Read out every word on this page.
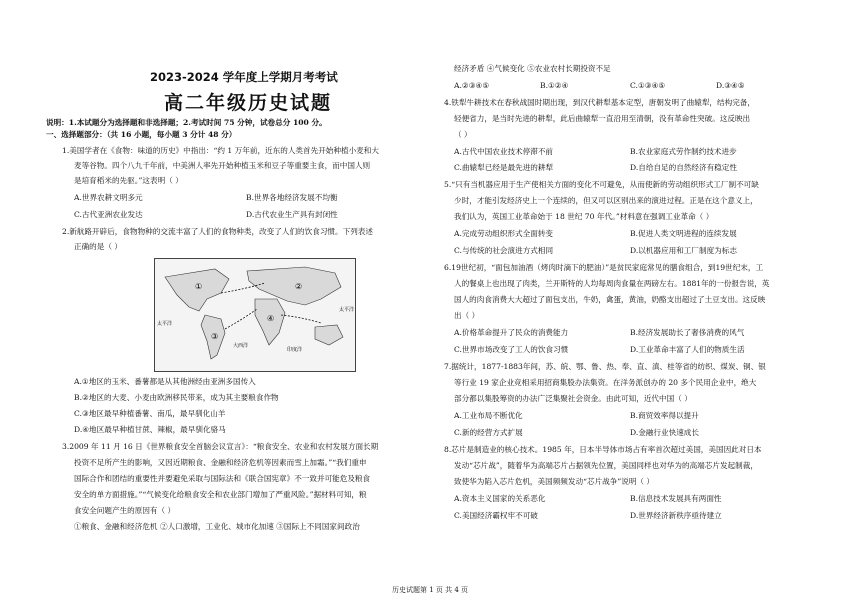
2023-2024 学年度上学期月考考试
高二年级历史试题
说明：1.本试题分为选择题和非选择题；2.考试时间 75 分钟，试卷总分 100 分。
一、选择题部分：（共 16 小题，每小题 3 分计 48 分）
1.美国学者在《食物：味道的历史》中指出：“约 1 万年前，近东的人类首先开始种植小麦和大
麦等谷物。四个八九千年前，中美洲人率先开始种植玉米和豆子等重要主食，而中国人则
是培育稻米的先驱。”这表明（ ）
A.世界农耕文明多元	B.世界各地经济发展不均衡
C.古代亚洲农业发达	D.古代农业生产具有封闭性
2.新航路开辟后，食物物种的交流丰富了人们的食物种类，改变了人们的饮食习惯。下列表述
正确的是（ ）
A.①地区的玉米、番薯都是从其他洲经由亚洲多国传入
B.②地区的大麦、小麦由欧洲移民带来，成为其主要粮食作物
C.③地区最早种植番薯、南瓜，最早驯化山羊
D.④地区最早种植甘蔗、辣椒，最早驯化骆马
3.2009 年 11 月 16 日《世界粮食安全首脑会议宣言》：“粮食安全、农业和农村发展方面长期
投资不足所产生的影响，又因近期粮食、金融和经济危机等因素而雪上加霜。”“我们重申
国际合作和团结的重要性并要避免采取与国际法和《联合国宪章》不一致并可能危及粮食
安全的单方面措施。”“气候变化给粮食安全和农业部门增加了严重风险。”据材料可知，粮
食安全问题产生的原因有（ ）
①粮食、金融和经济危机 ②人口激增，工业化、城市化加速 ③国际上不同国家间政治
①	②
③
④
太平洋
大西洋
印度洋
太平洋
经济矛盾 ④气候变化 ⑤农业农村长期投资不足
A.②③④⑤	B.①②④	C.①③④⑤	D.③④⑤
4.铁犁牛耕技术在春秋战国时期出现，到汉代耕犁基本定型，唐朝发明了曲辕犁，结构完备，
轻便省力，是当时先进的耕犁，此后曲辕犁一直沿用至清朝，没有革命性突破。这反映出
（ ）
A.古代中国农业技术停滞不前	B.农业家庭式劳作制约技术进步
C.曲辕犁已经是最先进的耕犁	D.自给自足的自然经济有稳定性
5.“只有当机器应用于生产使相关方面的变化不可避免，从而使新的劳动组织形式工厂制不可缺
少时，才能引发经济史上一个连续的，但又可以区别出来的演进过程。正是在这个意义上，
我们认为，英国工业革命始于 18 世纪 70 年代。”材料意在强调工业革命（ ）
A.完成劳动组织形式全面转变	B.促进人类文明进程的连续发展
C.与传统的社会演进方式相同	D.以机器应用和工厂制度为标志
6.19世纪初，“面包加油酒（烤肉时滴下的肥油）”是贫民家庭常见的膳食组合，到19世纪末，工
人的餐桌上也出现了肉类，兰开斯特的人均每周肉食量在两磅左右。1881年的一份报告说，英
国人的肉食消费大大超过了面包支出，牛奶，禽蛋，黄油，奶酪支出超过了土豆支出。这反映
出（ ）
A.价格革命提升了民众的消费能力	B.经济发展助长了奢侈消费的风气
C.世界市场改变了工人的饮食习惯	D.工业革命丰富了人们的物质生活
7.据统计，1877-1883年间，苏、皖、鄂、鲁、热、奉、直、滇、桂等省的纺织、煤炭、铜、银
等行业 19 家企业竞相采用招商集股办法集资。在洋务派创办的 20 多个民用企业中，绝大
部分都以集股筹资的办法广泛集聚社会资金。由此可知，近代中国（ ）
A.工业布局不断优化	B.商贸效率得以提升
C.新的经营方式扩展	D.金融行业快速成长
8.芯片是制造业的核心技术。1985 年，日本半导体市场占有率首次超过美国，美国因此对日本
发动“芯片战”，随着华为高端芯片占据领先位置，美国同样也对华为的高端芯片发起制裁，
致使华为陷入芯片危机，美国频频发动“芯片战争”说明（ ）
A.资本主义国家的关系恶化	B.信息技术发展具有两面性
C.美国经济霸权牢不可破	D.世界经济新秩序亟待建立
历史试题第 1 页 共 4 页
